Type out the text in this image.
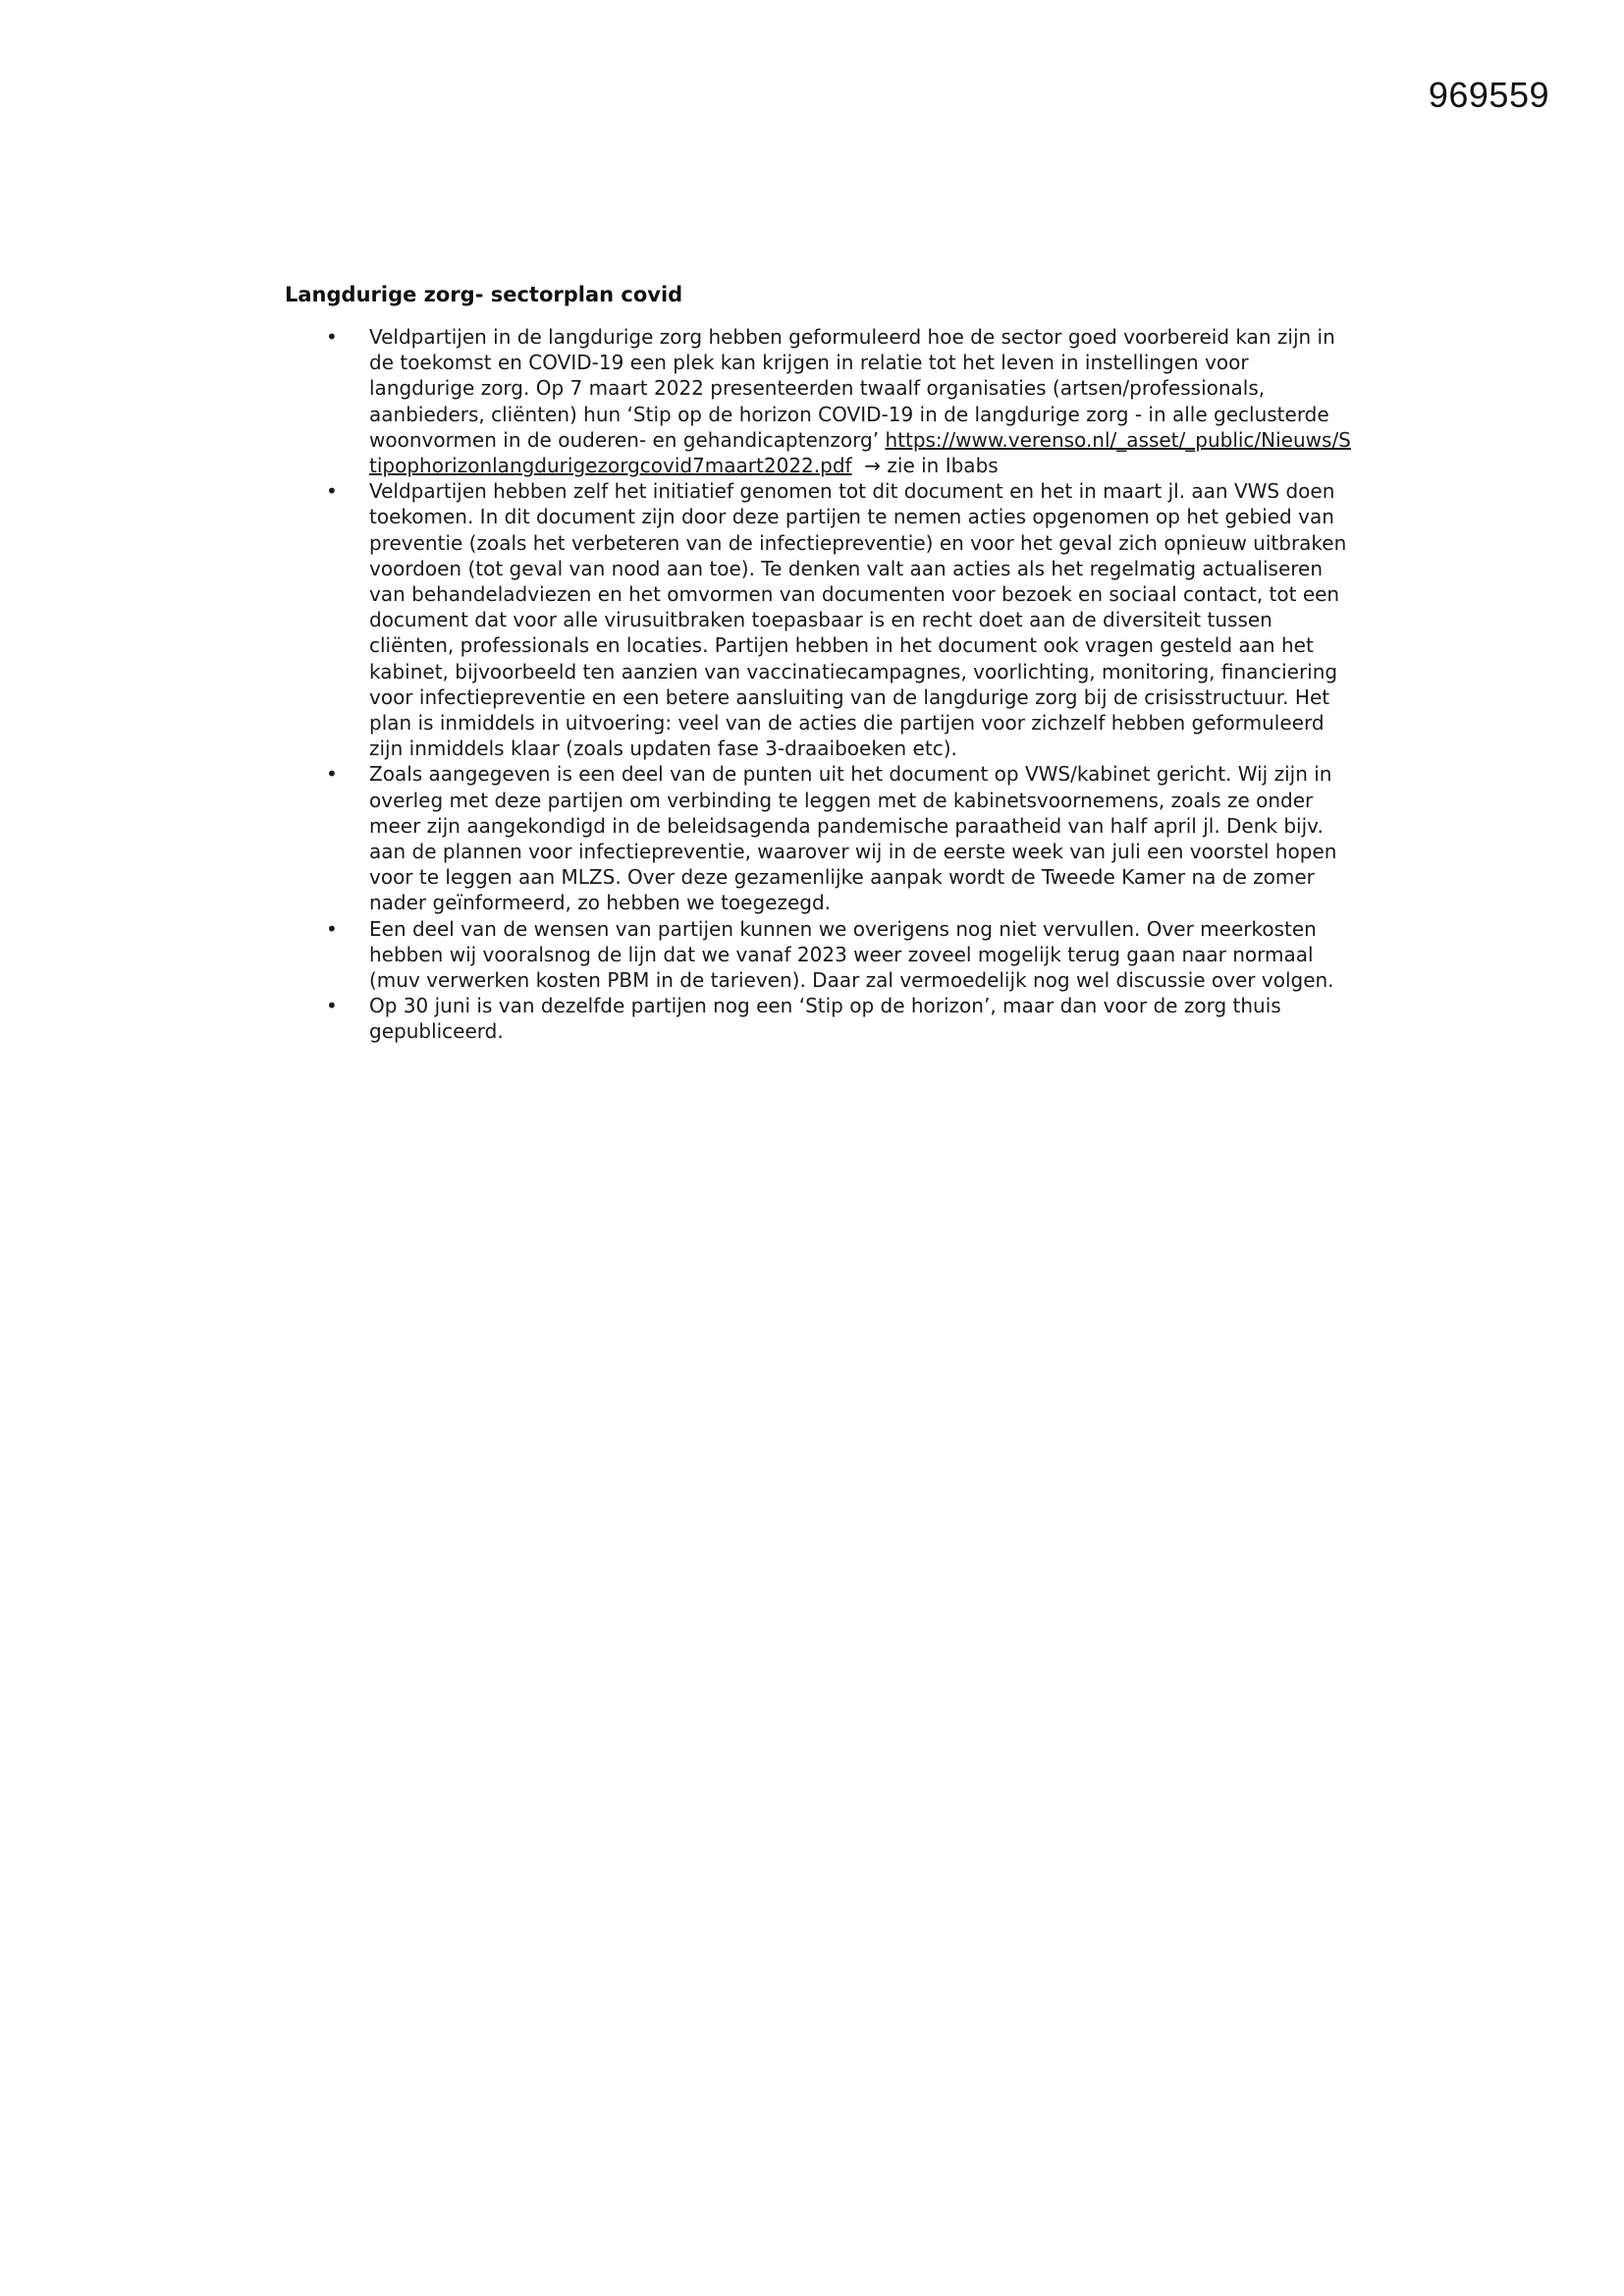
969559
Langdurige zorg- sectorplan covid
• Veldpartijen in de langdurige zorg hebben geformuleerd hoe de sector goed voorbereid kan zijn in de toekomst en COVID-19 een plek kan krijgen in relatie tot het leven in instellingen voor langdurige zorg. Op 7 maart 2022 presenteerden twaalf organisaties (artsen/professionals, aanbieders, cliënten) hun ‘Stip op de horizon COVID-19 in de langdurige zorg - in alle geclusterde woonvormen in de ouderen- en gehandicaptenzorg’ https://www.verenso.nl/_asset/_public/Nieuws/Stipophorizonlangdurigezorgcovid7maart2022.pdf → zie in Ibabs
• Veldpartijen hebben zelf het initiatief genomen tot dit document en het in maart jl. aan VWS doen toekomen. In dit document zijn door deze partijen te nemen acties opgenomen op het gebied van preventie (zoals het verbeteren van de infectiepreventie) en voor het geval zich opnieuw uitbraken voordoen (tot geval van nood aan toe). Te denken valt aan acties als het regelmatig actualiseren van behandeladviezen en het omvormen van documenten voor bezoek en sociaal contact, tot een document dat voor alle virusuitbraken toepasbaar is en recht doet aan de diversiteit tussen cliënten, professionals en locaties. Partijen hebben in het document ook vragen gesteld aan het kabinet, bijvoorbeeld ten aanzien van vaccinatiecampagnes, voorlichting, monitoring, financiering voor infectiepreventie en een betere aansluiting van de langdurige zorg bij de crisisstructuur. Het plan is inmiddels in uitvoering: veel van de acties die partijen voor zichzelf hebben geformuleerd zijn inmiddels klaar (zoals updaten fase 3-draaiboeken etc).
• Zoals aangegeven is een deel van de punten uit het document op VWS/kabinet gericht. Wij zijn in overleg met deze partijen om verbinding te leggen met de kabinetsvoornemens, zoals ze onder meer zijn aangekondigd in de beleidsagenda pandemische paraatheid van half april jl. Denk bijv. aan de plannen voor infectiepreventie, waarover wij in de eerste week van juli een voorstel hopen voor te leggen aan MLZS. Over deze gezamenlijke aanpak wordt de Tweede Kamer na de zomer nader geïnformeerd, zo hebben we toegezegd.
• Een deel van de wensen van partijen kunnen we overigens nog niet vervullen. Over meerkosten hebben wij vooralsnog de lijn dat we vanaf 2023 weer zoveel mogelijk terug gaan naar normaal (muv verwerken kosten PBM in de tarieven). Daar zal vermoedelijk nog wel discussie over volgen.
• Op 30 juni is van dezelfde partijen nog een ‘Stip op de horizon’, maar dan voor de zorg thuis gepubliceerd.
